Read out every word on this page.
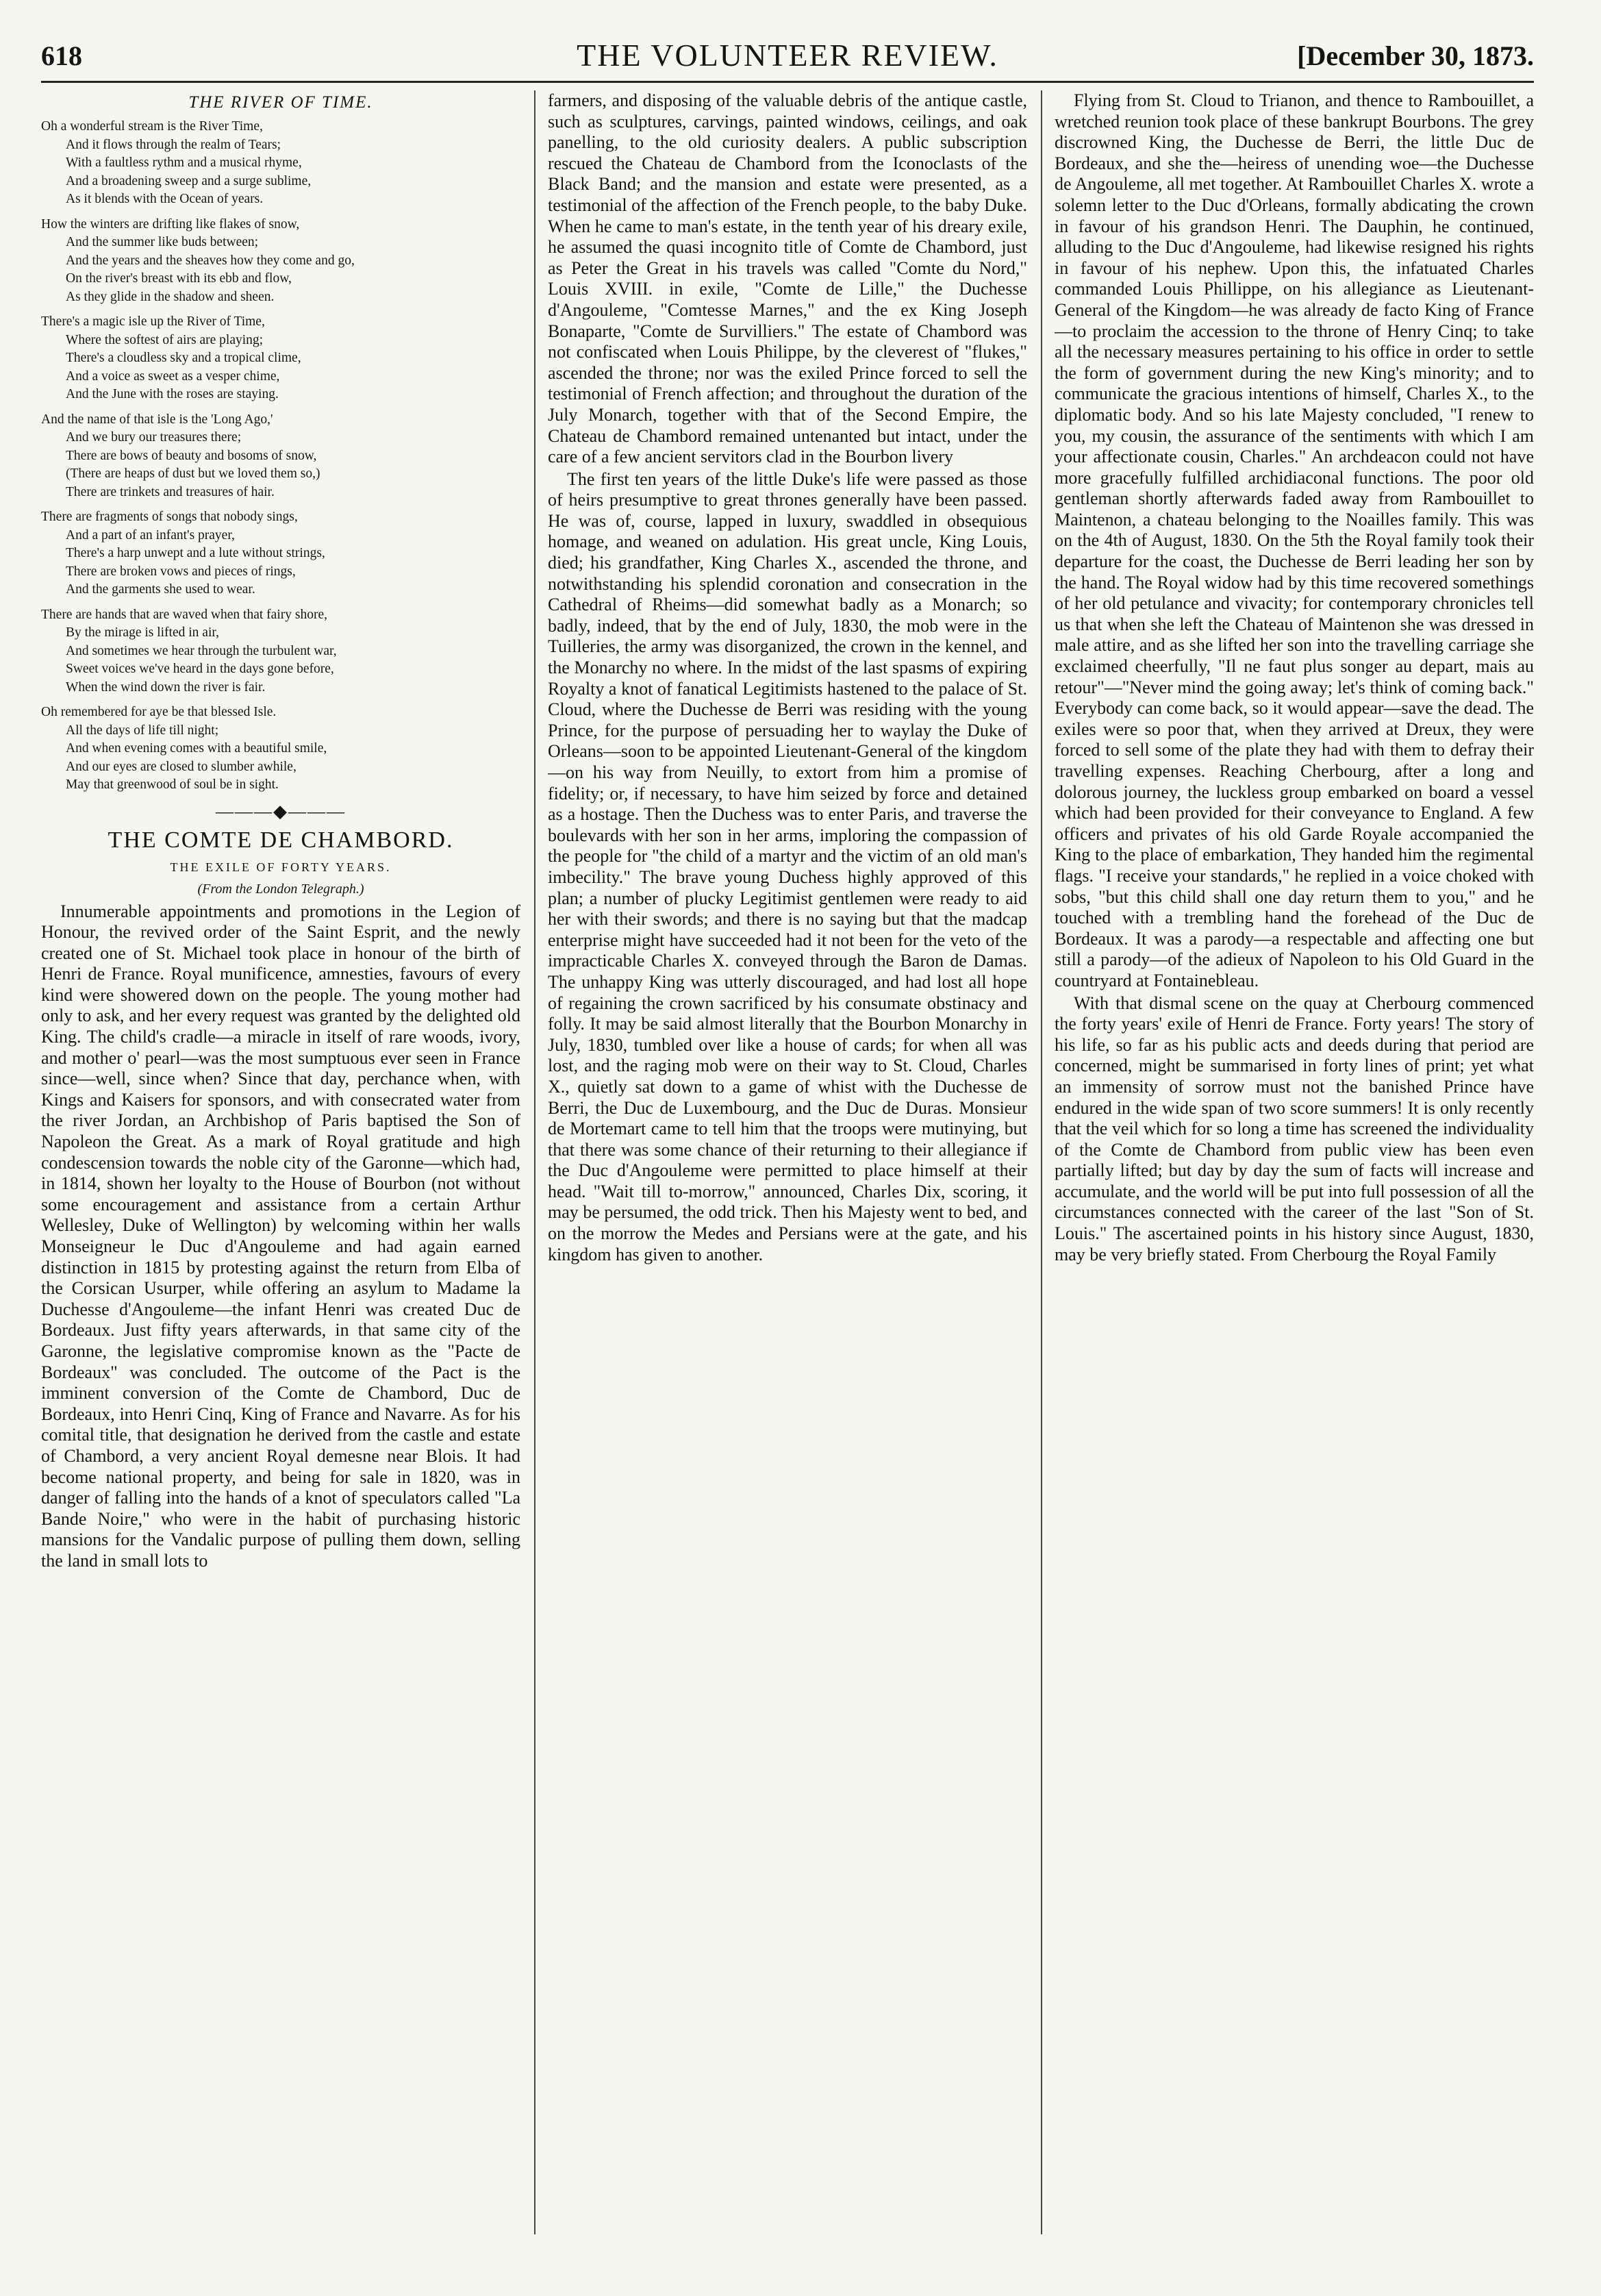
618	THE VOLUNTEER REVIEW.	[December 30, 1873.
THE RIVER OF TIME.
Oh a wonderful stream is the River Time,
And it flows through the realm of Tears;
With a faultless rythm and a musical rhyme,
And a broadening sweep and a surge sublime,
As it blends with the Ocean of years.
How the winters are drifting like flakes of snow,
And the summer like buds between;
And the years and the sheaves how they come and go,
On the river's breast with its ebb and flow,
As they glide in the shadow and sheen.
There's a magic isle up the River of Time,
Where the softest of airs are playing;
There's a cloudless sky and a tropical clime,
And a voice as sweet as a vesper chime,
And the June with the roses are staying.
And the name of that isle is the 'Long Ago,'
And we bury our treasures there;
There are bows of beauty and bosoms of snow,
(There are heaps of dust but we loved them so,)
There are trinkets and treasures of hair.
There are fragments of songs that nobody sings,
And a part of an infant's prayer,
There's a harp unwept and a lute without strings,
There are broken vows and pieces of rings,
And the garments she used to wear.
There are hands that are waved when that fairy shore,
By the mirage is lifted in air,
And sometimes we hear through the turbulent war,
Sweet voices we've heard in the days gone before,
When the wind down the river is fair.
Oh remembered for aye be that blessed Isle.
All the days of life till night;
And when evening comes with a beautiful smile,
And our eyes are closed to slumber awhile,
May that greenwood of soul be in sight.
———◆———
THE COMTE DE CHAMBORD.
THE EXILE OF FORTY YEARS.
(From the London Telegraph.)

Innumerable appointments and promotions in the Legion of Honour, the revived order of the Saint Esprit, and the newly created one of St. Michael took place in honour of the birth of Henri de France. Royal munificence, amnesties, favours of every kind were showered down on the people. The young mother had only to ask, and her every request was granted by the delighted old King. The child's cradle—a miracle in itself of rare woods, ivory, and mother o' pearl—was the most sumptuous ever seen in France since—well, since when? Since that day, perchance when, with Kings and Kaisers for sponsors, and with consecrated water from the river Jordan, an Archbishop of Paris baptised the Son of Napoleon the Great. As a mark of Royal gratitude and high condescension towards the noble city of the Garonne—which had, in 1814, shown her loyalty to the House of Bourbon (not without some encouragement and assistance from a certain Arthur Wellesley, Duke of Wellington) by welcoming within her walls Monseigneur le Duc d'Angouleme and had again earned distinction in 1815 by protesting against the return from Elba of the Corsican Usurper, while offering an asylum to Madame la Duchesse d'Angouleme—the infant Henri was created Duc de Bordeaux. Just fifty years afterwards, in that same city of the Garonne, the legislative compromise known as the "Pacte de Bordeaux" was concluded. The outcome of the Pact is the imminent conversion of the Comte de Chambord, Duc de Bordeaux, into Henri Cinq, King of France and Navarre. As for his comital title, that designation he derived from the castle and estate of Chambord, a very ancient Royal demesne near Blois. It had become national property, and being for sale in 1820, was in danger of falling into the hands of a knot of speculators called "La Bande Noire," who were in the habit of purchasing historic mansions for the Vandalic purpose of pulling them down, selling the land in small lots to

farmers, and disposing of the valuable debris of the antique castle, such as sculptures, carvings, painted windows, ceilings, and oak panelling, to the old curiosity dealers. A public subscription rescued the Chateau de Chambord from the Iconoclasts of the Black Band; and the mansion and estate were presented, as a testimonial of the affection of the French people, to the baby Duke. When he came to man's estate, in the tenth year of his dreary exile, he assumed the quasi incognito title of Comte de Chambord, just as Peter the Great in his travels was called "Comte du Nord," Louis XVIII. in exile, "Comte de Lille," the Duchesse d'Angouleme, "Comtesse Marnes," and the ex King Joseph Bonaparte, "Comte de Survilliers." The estate of Chambord was not confiscated when Louis Philippe, by the cleverest of "flukes," ascended the throne; nor was the exiled Prince forced to sell the testimonial of French affection; and throughout the duration of the July Monarch, together with that of the Second Empire, the Chateau de Chambord remained untenanted but intact, under the care of a few ancient servitors clad in the Bourbon livery

The first ten years of the little Duke's life were passed as those of heirs presumptive to great thrones generally have been passed. He was of, course, lapped in luxury, swaddled in obsequious homage, and weaned on adulation. His great uncle, King Louis, died; his grandfather, King Charles X., ascended the throne, and notwithstanding his splendid coronation and consecration in the Cathedral of Rheims—did somewhat badly as a Monarch; so badly, indeed, that by the end of July, 1830, the mob were in the Tuilleries, the army was disorganized, the crown in the kennel, and the Monarchy no where. In the midst of the last spasms of expiring Royalty a knot of fanatical Legitimists hastened to the palace of St. Cloud, where the Duchesse de Berri was residing with the young Prince, for the purpose of persuading her to waylay the Duke of Orleans—soon to be appointed Lieutenant-General of the kingdom—on his way from Neuilly, to extort from him a promise of fidelity; or, if necessary, to have him seized by force and detained as a hostage. Then the Duchess was to enter Paris, and traverse the boulevards with her son in her arms, imploring the compassion of the people for "the child of a martyr and the victim of an old man's imbecility." The brave young Duchess highly approved of this plan; a number of plucky Legitimist gentlemen were ready to aid her with their swords; and there is no saying but that the madcap enterprise might have succeeded had it not been for the veto of the impracticable Charles X. conveyed through the Baron de Damas. The unhappy King was utterly discouraged, and had lost all hope of regaining the crown sacrificed by his consumate obstinacy and folly. It may be said almost literally that the Bourbon Monarchy in July, 1830, tumbled over like a house of cards; for when all was lost, and the raging mob were on their way to St. Cloud, Charles X., quietly sat down to a game of whist with the Duchesse de Berri, the Duc de Luxembourg, and the Duc de Duras. Monsieur de Mortemart came to tell him that the troops were mutinying, but that there was some chance of their returning to their allegiance if the Duc d'Angouleme were permitted to place himself at their head. "Wait till to-morrow," announced, Charles Dix, scoring, it may be persumed, the odd trick. Then his Majesty went to bed, and on the morrow the Medes and Persians were at the gate, and his kingdom has given to another.

Flying from St. Cloud to Trianon, and thence to Rambouillet, a wretched reunion took place of these bankrupt Bourbons. The grey discrowned King, the Duchesse de Berri, the little Duc de Bordeaux, and she the—heiress of unending woe—the Duchesse de Angouleme, all met together. At Rambouillet Charles X. wrote a solemn letter to the Duc d'Orleans, formally abdicating the crown in favour of his grandson Henri. The Dauphin, he continued, alluding to the Duc d'Angouleme, had likewise resigned his rights in favour of his nephew. Upon this, the infatuated Charles commanded Louis Phillippe, on his allegiance as Lieutenant-General of the Kingdom—he was already de facto King of France—to proclaim the accession to the throne of Henry Cinq; to take all the necessary measures pertaining to his office in order to settle the form of government during the new King's minority; and to communicate the gracious intentions of himself, Charles X., to the diplomatic body. And so his late Majesty concluded, "I renew to you, my cousin, the assurance of the sentiments with which I am your affectionate cousin, Charles." An archdeacon could not have more gracefully fulfilled archidiaconal functions. The poor old gentleman shortly afterwards faded away from Rambouillet to Maintenon, a chateau belonging to the Noailles family. This was on the 4th of August, 1830. On the 5th the Royal family took their departure for the coast, the Duchesse de Berri leading her son by the hand. The Royal widow had by this time recovered somethings of her old petulance and vivacity; for contemporary chronicles tell us that when she left the Chateau of Maintenon she was dressed in male attire, and as she lifted her son into the travelling carriage she exclaimed cheerfully, "Il ne faut plus songer au depart, mais au retour"—"Never mind the going away; let's think of coming back." Everybody can come back, so it would appear—save the dead. The exiles were so poor that, when they arrived at Dreux, they were forced to sell some of the plate they had with them to defray their travelling expenses. Reaching Cherbourg, after a long and dolorous journey, the luckless group embarked on board a vessel which had been provided for their conveyance to England. A few officers and privates of his old Garde Royale accompanied the King to the place of embarkation, They handed him the regimental flags. "I receive your standards," he replied in a voice choked with sobs, "but this child shall one day return them to you," and he touched with a trembling hand the forehead of the Duc de Bordeaux. It was a parody—a respectable and affecting one but still a parody—of the adieux of Napoleon to his Old Guard in the countryard at Fontainebleau.

With that dismal scene on the quay at Cherbourg commenced the forty years' exile of Henri de France. Forty years! The story of his life, so far as his public acts and deeds during that period are concerned, might be summarised in forty lines of print; yet what an immensity of sorrow must not the banished Prince have endured in the wide span of two score summers! It is only recently that the veil which for so long a time has screened the individuality of the Comte de Chambord from public view has been even partially lifted; but day by day the sum of facts will increase and accumulate, and the world will be put into full possession of all the circumstances connected with the career of the last "Son of St. Louis." The ascertained points in his history since August, 1830, may be very briefly stated. From Cherbourg the Royal Family
